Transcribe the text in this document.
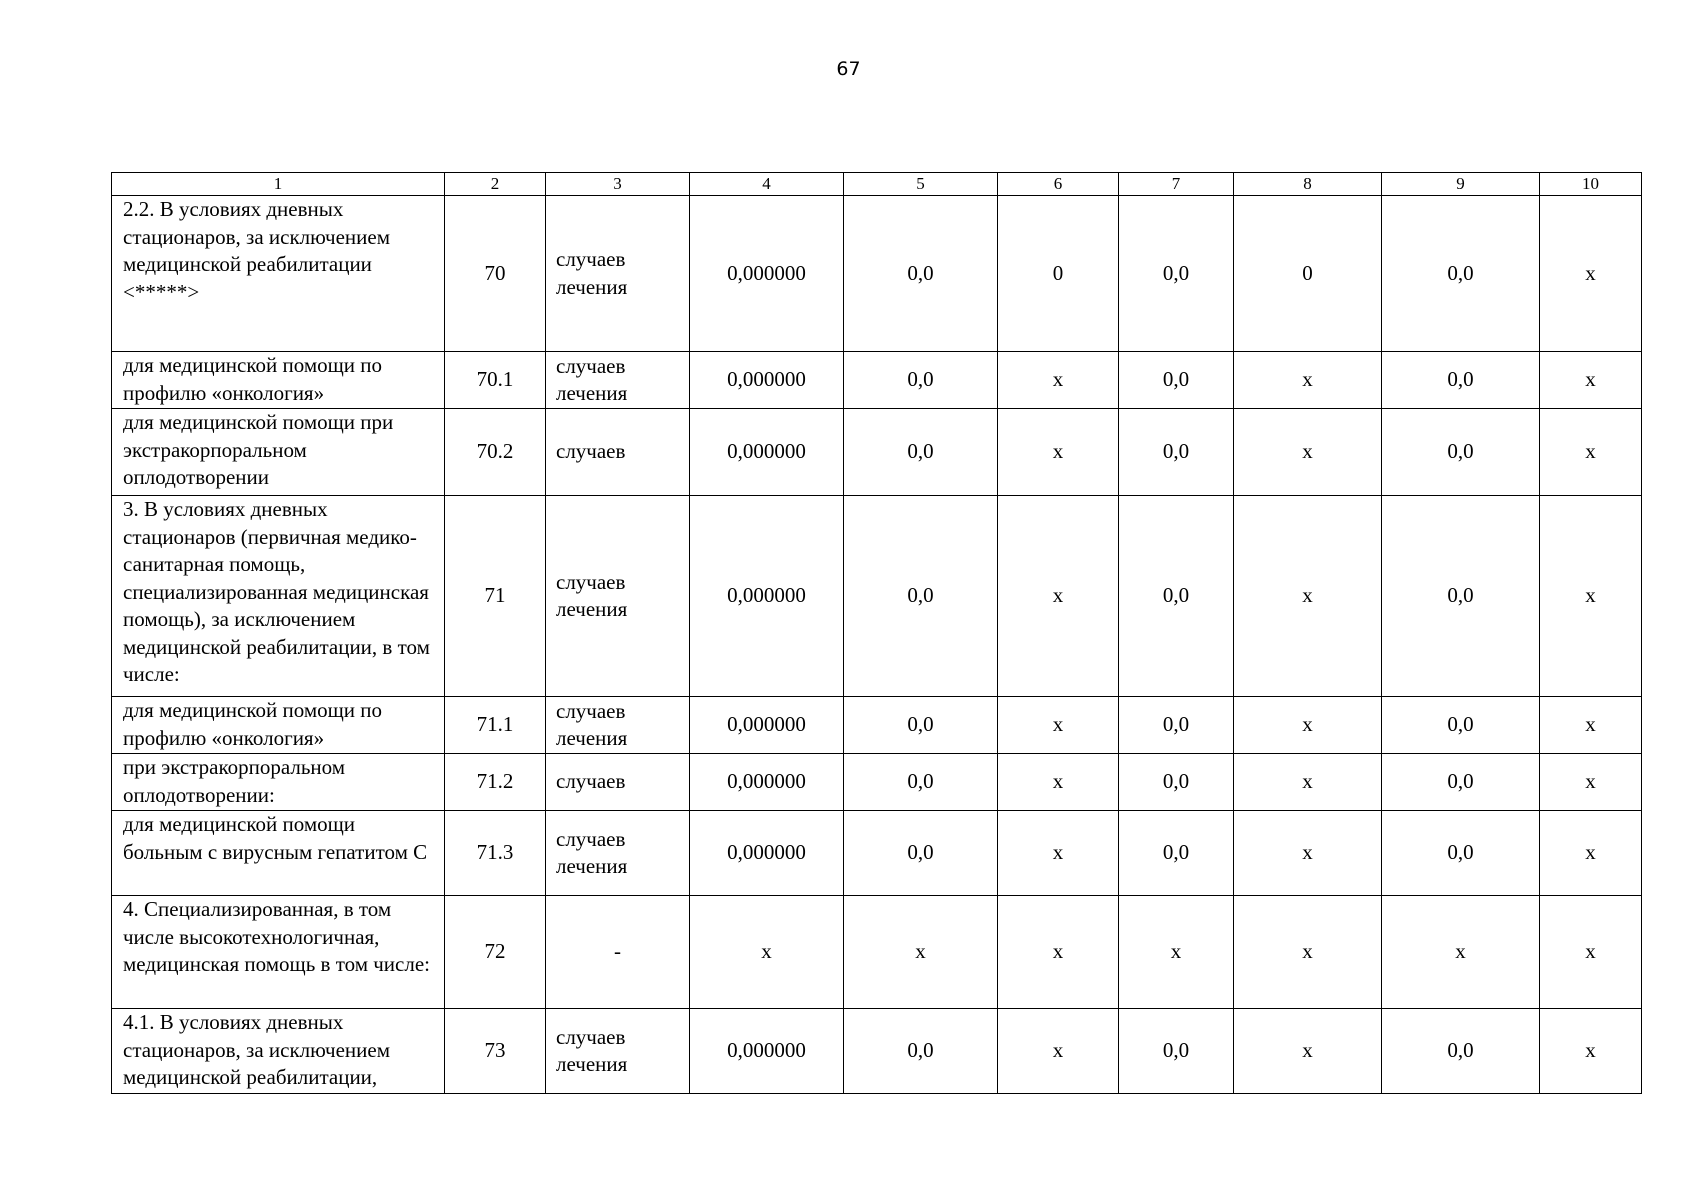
67
1	2	3	4	5	6	7	8	9	10
2.2. В условиях дневных стационаров, за исключением медицинской реабилитации <*****>	70	случаев лечения	0,000000	0,0	0	0,0	0	0,0	х
для медицинской помощи по профилю «онкология»	70.1	случаев лечения	0,000000	0,0	х	0,0	х	0,0	х
для медицинской помощи при экстракорпоральном оплодотворении	70.2	случаев	0,000000	0,0	х	0,0	х	0,0	х
3. В условиях дневных стационаров (первичная медико-санитарная помощь, специализированная медицинская помощь), за исключением медицинской реабилитации, в том числе:	71	случаев лечения	0,000000	0,0	х	0,0	х	0,0	х
для медицинской помощи по профилю «онкология»	71.1	случаев лечения	0,000000	0,0	х	0,0	х	0,0	х
при экстракорпоральном оплодотворении:	71.2	случаев	0,000000	0,0	х	0,0	х	0,0	х
для медицинской помощи больным с вирусным гепатитом С	71.3	случаев лечения	0,000000	0,0	х	0,0	х	0,0	х
4. Специализированная, в том числе высокотехнологичная, медицинская помощь в том числе:	72	-	х	х	х	х	х	х	х
4.1. В условиях дневных стационаров, за исключением медицинской реабилитации,	73	случаев лечения	0,000000	0,0	х	0,0	х	0,0	х
